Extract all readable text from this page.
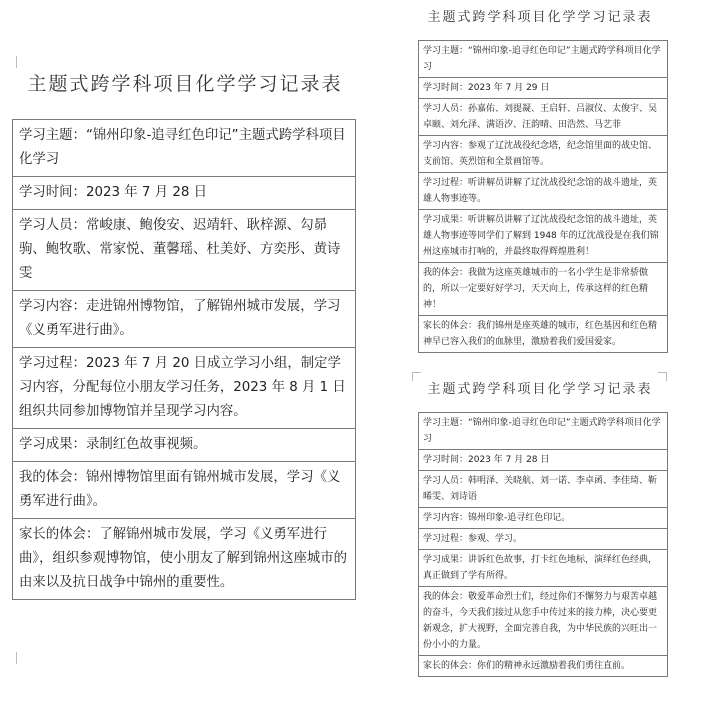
主题式跨学科项目化学学习记录表
学习主题：“锦州印象-追寻红色印记”主题式跨学科项目化学习
学习时间：2023 年 7 月 28 日
学习人员：常峻康、鲍俊安、迟靖轩、耿梓源、勾昴驹、鲍牧歌、常家悦、董馨瑶、杜美妤、方奕彤、黄诗雯
学习内容：走进锦州博物馆，了解锦州城市发展，学习《义勇军进行曲》。
学习过程：2023 年 7 月 20 日成立学习小组，制定学习内容，分配每位小朋友学习任务，2023 年 8 月 1 日组织共同参加博物馆并呈现学习内容。
学习成果：录制红色故事视频。
我的体会：锦州博物馆里面有锦州城市发展，学习《义勇军进行曲》。
家长的体会：了解锦州城市发展，学习《义勇军进行曲》，组织参观博物馆，使小朋友了解到锦州这座城市的由来以及抗日战争中锦州的重要性。
主题式跨学科项目化学学习记录表
学习主题：“锦州印象-追寻红色印记”主题式跨学科项目化学习
学习时间：2023 年 7 月 29 日
学习人员：孙嘉佑、刘提凝、王启轩、吕淑仪、太俊宇、吴卓颐、刘允泽、满语汐、汪韵晴、田浩然、马艺菲
学习内容：参观了辽沈战役纪念塔，纪念馆里面的战史馆、支前馆、英烈馆和全景画馆等。
学习过程：听讲解员讲解了辽沈战役纪念馆的战斗遗址，英雄人物事迹等。
学习成果：听讲解员讲解了辽沈战役纪念馆的战斗遗址，英雄人物事迹等同学们了解到 1948 年的辽沈战役是在我们锦州这座城市打响的，并最终取得辉煌胜利！
我的体会：我做为这座英雄城市的一名小学生是非常骄傲的，所以一定要好好学习，天天向上，传承这样的红色精神！
家长的体会：我们锦州是座英雄的城市，红色基因和红色精神早已容入我们的血脉里，激励着我们爱国爱家。
主题式跨学科项目化学学习记录表
学习主题：“锦州印象-追寻红色印记”主题式跨学科项目化学习
学习时间：2023 年 7 月 28 日
学习人员：韩明泽、关晓航、刘一诺、李卓函、李佳琦、靳晞雯、刘诗语
学习内容：锦州印象-追寻红色印记。
学习过程：参观、学习。
学习成果：讲诉红色故事，打卡红色地标，演绎红色经典，真正做到了学有所得。
我的体会：敬爱革命烈士们，经过你们不懈努力与艰苦卓越的奋斗，今天我们接过从您手中传过来的接力棒，决心要更新观念，扩大视野，全面完善自我，为中华民族的兴旺出一份小小的力量。
家长的体会：你们的精神永远激励着我们勇往直前。
